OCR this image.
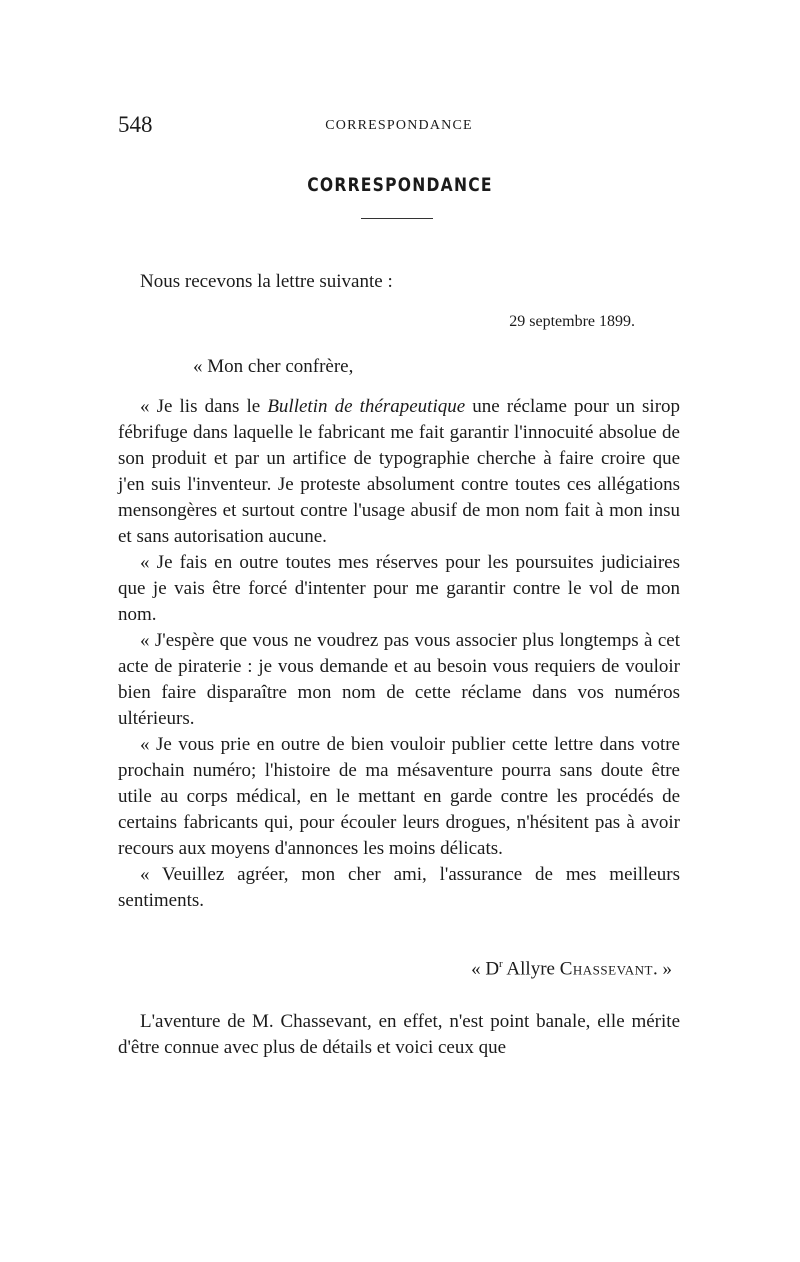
548	CORRESPONDANCE
CORRESPONDANCE
Nous recevons la lettre suivante :
29 septembre 1899.
« Mon cher confrère,

« Je lis dans le Bulletin de thérapeutique une réclame pour un sirop fébrifuge dans laquelle le fabricant me fait garantir l'innocuité absolue de son produit et par un artifice de typographie cherche à faire croire que j'en suis l'inventeur. Je proteste absolument contre toutes ces allégations mensongères et surtout contre l'usage abusif de mon nom fait à mon insu et sans autorisation aucune.

« Je fais en outre toutes mes réserves pour les poursuites judiciaires que je vais être forcé d'intenter pour me garantir contre le vol de mon nom.

« J'espère que vous ne voudrez pas vous associer plus longtemps à cet acte de piraterie : je vous demande et au besoin vous requiers de vouloir bien faire disparaître mon nom de cette réclame dans vos numéros ultérieurs.

« Je vous prie en outre de bien vouloir publier cette lettre dans votre prochain numéro; l'histoire de ma mésaventure pourra sans doute être utile au corps médical, en le mettant en garde contre les procédés de certains fabricants qui, pour écouler leurs drogues, n'hésitent pas à avoir recours aux moyens d'annonces les moins délicats.

« Veuillez agréer, mon cher ami, l'assurance de mes meilleurs sentiments.

« $D^r$ Allyre Chassevant. »

L'aventure de M. Chassevant, en effet, n'est point banale, elle mérite d'être connue avec plus de détails et voici ceux que
